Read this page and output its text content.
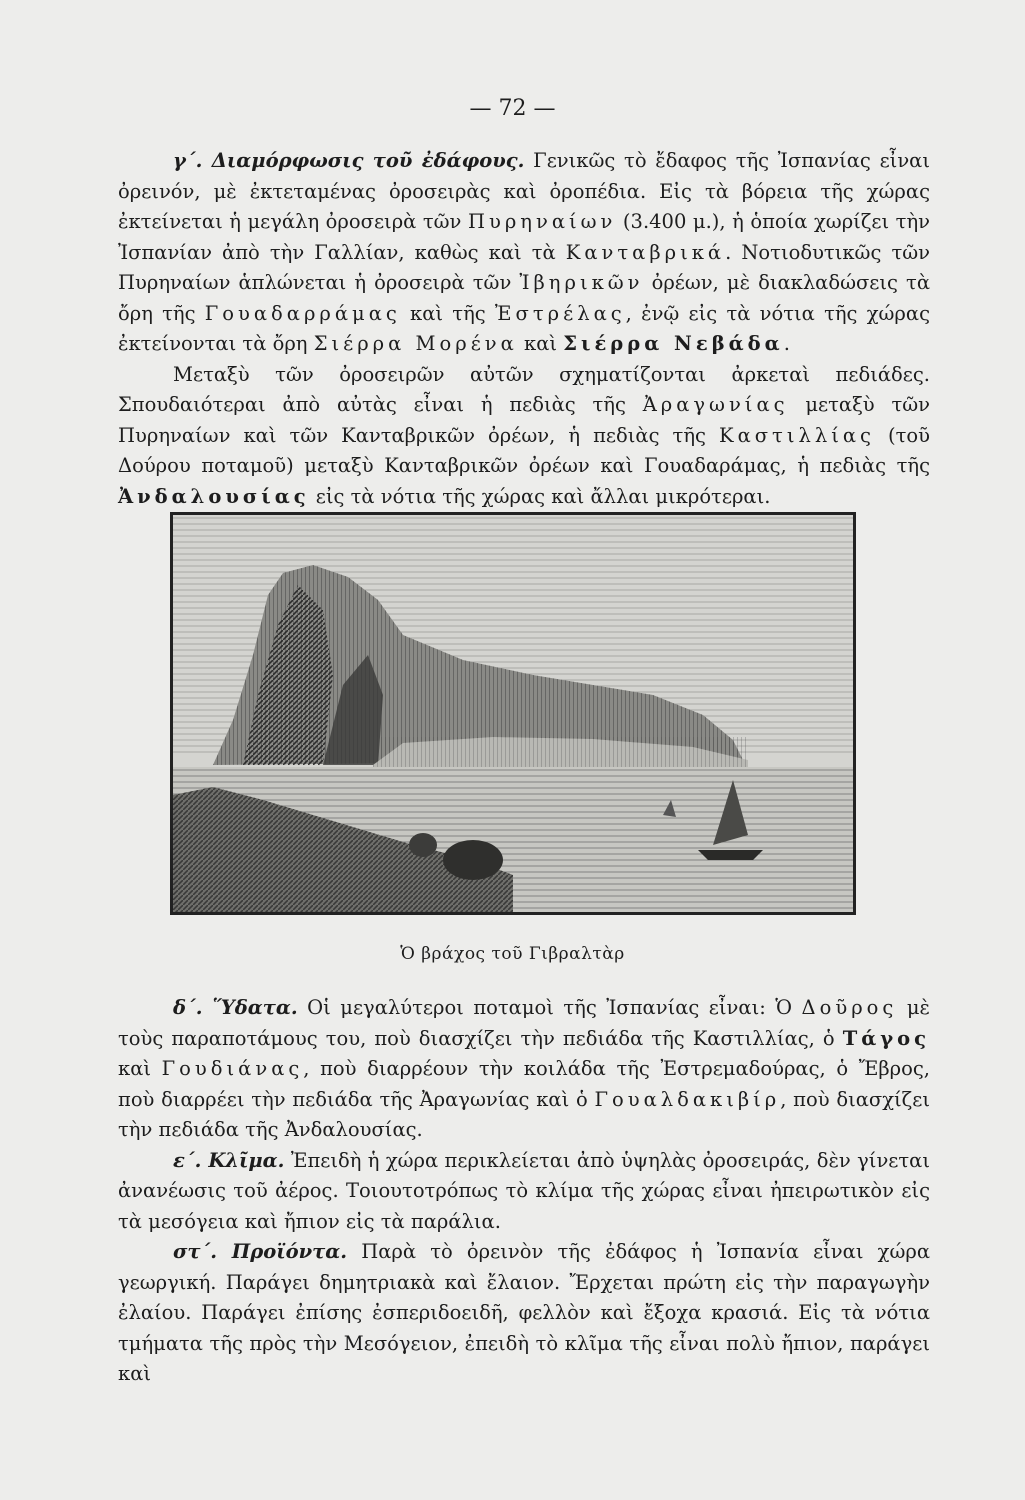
— 72 —

γ΄. Διαμόρφωσις τοῦ ἐδάφους. Γενικῶς τὸ ἔδαφος τῆς Ἰσπανίας εἶναι ὀρεινόν, μὲ ἐκτεταμένας ὀροσειρὰς καὶ ὀροπέδια. Εἰς τὰ βόρεια τῆς χώρας ἐκτείνεται ἡ μεγάλη ὀροσειρὰ τῶν Πυρηναίων (3.400 μ.), ἡ ὁποία χωρίζει τὴν Ἰσπανίαν ἀπὸ τὴν Γαλλίαν, καθὼς καὶ τὰ Κανταβρικά. Νοτιοδυτικῶς τῶν Πυρηναίων ἁπλώνεται ἡ ὀροσειρὰ τῶν Ἰβηρικῶν ὀρέων, μὲ διακλαδώσεις τὰ ὄρη τῆς Γουαδαρράμας καὶ τῆς Ἐστρέλας, ἐνῷ εἰς τὰ νότια τῆς χώρας ἐκτείνονται τὰ ὄρη Σιέρρα Μορένα καὶ Σιέρρα Νεβάδα.

Μεταξὺ τῶν ὀροσειρῶν αὐτῶν σχηματίζονται ἀρκεταὶ πεδιάδες. Σπουδαιότεραι ἀπὸ αὐτὰς εἶναι ἡ πεδιὰς τῆς Ἀραγωνίας μεταξὺ τῶν Πυρηναίων καὶ τῶν Κανταβρικῶν ὀρέων, ἡ πεδιὰς τῆς Καστιλλίας (τοῦ Δούρου ποταμοῦ) μεταξὺ Κανταβρικῶν ὀρέων καὶ Γουαδαράμας, ἡ πεδιὰς τῆς Ἀνδαλουσίας εἰς τὰ νότια τῆς χώρας καὶ ἄλλαι μικρότεραι.

Ὁ βράχος τοῦ Γιβραλτὰρ

δ΄. Ὕδατα. Οἱ μεγαλύτεροι ποταμοὶ τῆς Ἰσπανίας εἶναι: Ὁ Δοῦρος μὲ τοὺς παραποτάμους του, ποὺ διασχίζει τὴν πεδιάδα τῆς Καστιλλίας, ὁ Τάγος καὶ Γουδιάνας, ποὺ διαρρέουν τὴν κοιλάδα τῆς Ἐστρεμαδούρας, ὁ Ἔβρος, ποὺ διαρρέει τὴν πεδιάδα τῆς Ἀραγωνίας καὶ ὁ Γουαλδακιβίρ, ποὺ διασχίζει τὴν πεδιάδα τῆς Ἀνδαλουσίας.

ε΄. Κλῖμα. Ἐπειδὴ ἡ χώρα περικλείεται ἀπὸ ὑψηλὰς ὀροσειράς, δὲν γίνεται ἀνανέωσις τοῦ ἀέρος. Τοιουτοτρόπως τὸ κλίμα τῆς χώρας εἶναι ἠπειρωτικὸν εἰς τὰ μεσόγεια καὶ ἤπιον εἰς τὰ παράλια.

στ΄. Προϊόντα. Παρὰ τὸ ὀρεινὸν τῆς ἐδάφος ἡ Ἰσπανία εἶναι χώρα γεωργική. Παράγει δημητριακὰ καὶ ἔλαιον. Ἔρχεται πρώτη εἰς τὴν παραγωγὴν ἐλαίου. Παράγει ἐπίσης ἐσπεριδοειδῆ, φελλὸν καὶ ἔξοχα κρασιά. Εἰς τὰ νότια τμήματα τῆς πρὸς τὴν Μεσόγειον, ἐπειδὴ τὸ κλῖμα τῆς εἶναι πολὺ ἤπιον, παράγει καὶ
